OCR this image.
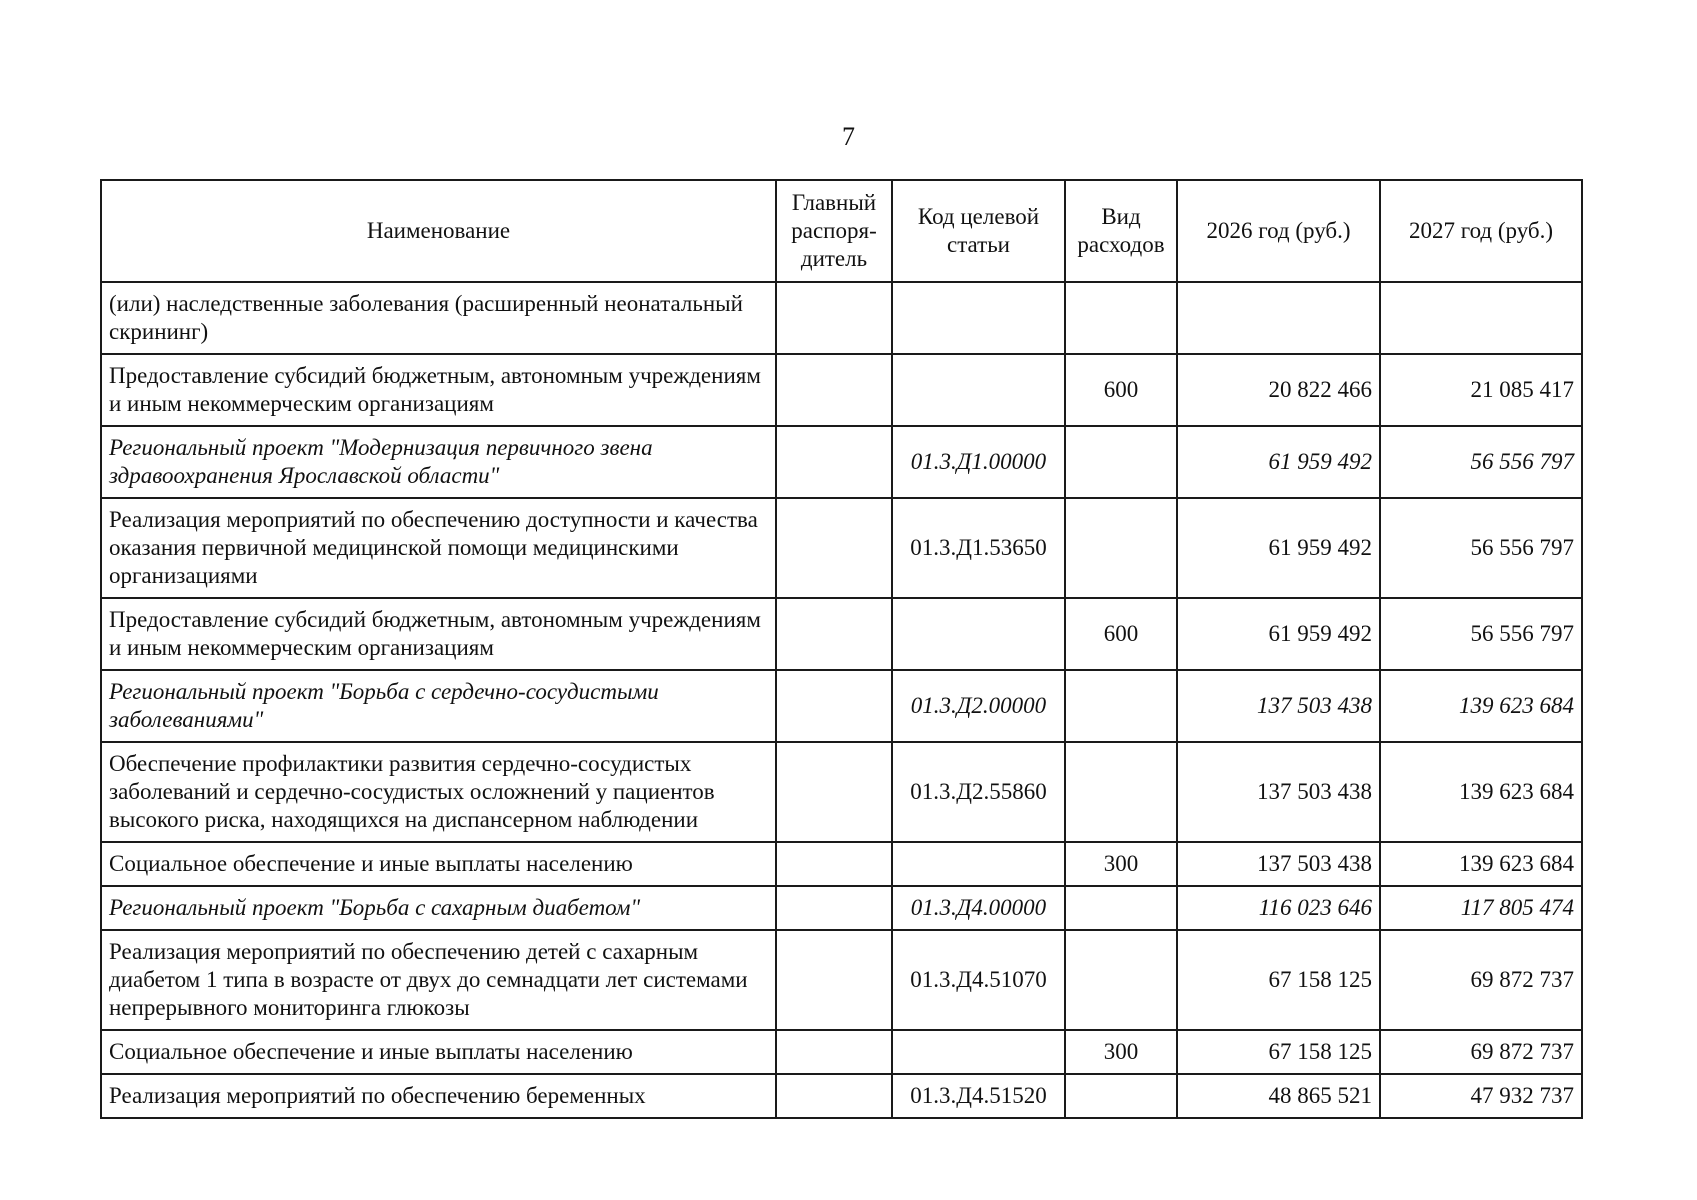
7
Наименование	Главный распоря-дитель	Код целевой статьи	Вид расходов	2026 год (руб.)	2027 год (руб.)
(или) наследственные заболевания (расширенный неонатальный скрининг)					
Предоставление субсидий бюджетным, автономным учреждениям и иным некоммерческим организациям			600	20 822 466	21 085 417
Региональный проект "Модернизация первичного звена здравоохранения Ярославской области"		01.3.Д1.00000		61 959 492	56 556 797
Реализация мероприятий по обеспечению доступности и качества оказания первичной медицинской помощи медицинскими организациями		01.3.Д1.53650		61 959 492	56 556 797
Предоставление субсидий бюджетным, автономным учреждениям и иным некоммерческим организациям			600	61 959 492	56 556 797
Региональный проект "Борьба с сердечно-сосудистыми заболеваниями"		01.3.Д2.00000		137 503 438	139 623 684
Обеспечение профилактики развития сердечно-сосудистых заболеваний и сердечно-сосудистых осложнений у пациентов высокого риска, находящихся на диспансерном наблюдении		01.3.Д2.55860		137 503 438	139 623 684
Социальное обеспечение и иные выплаты населению			300	137 503 438	139 623 684
Региональный проект "Борьба с сахарным диабетом"		01.3.Д4.00000		116 023 646	117 805 474
Реализация мероприятий по обеспечению детей с сахарным диабетом 1 типа в возрасте от двух до семнадцати лет системами непрерывного мониторинга глюкозы		01.3.Д4.51070		67 158 125	69 872 737
Социальное обеспечение и иные выплаты населению			300	67 158 125	69 872 737
Реализация мероприятий по обеспечению беременных		01.3.Д4.51520		48 865 521	47 932 737
